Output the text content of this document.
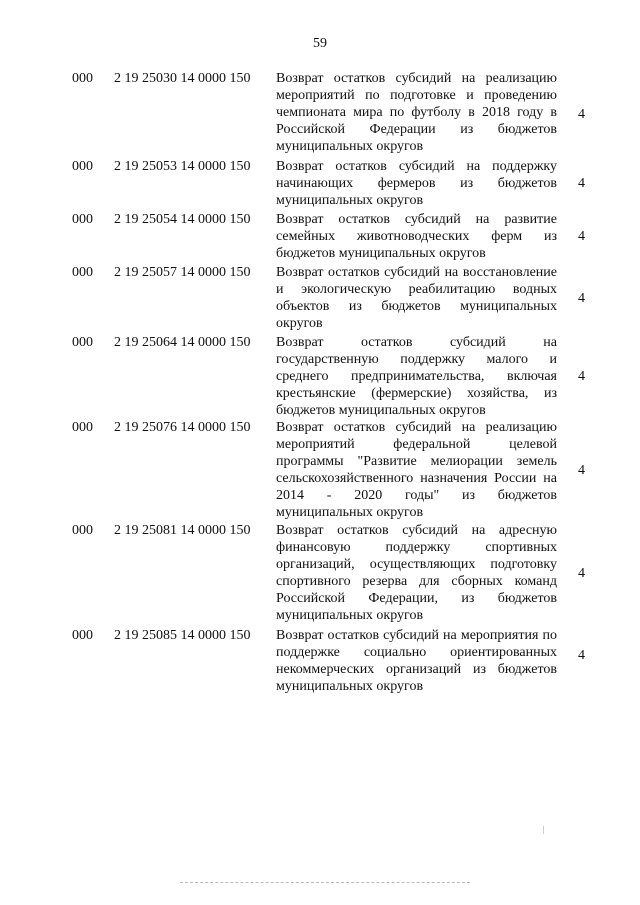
59
000 2 19 25030 14 0000 150 Возврат остатков субсидий на реализацию мероприятий по подготовке и проведению чемпионата мира по футболу в 2018 году в Российской Федерации из бюджетов муниципальных округов
4
000 2 19 25053 14 0000 150 Возврат остатков субсидий на поддержку начинающих фермеров из бюджетов муниципальных округов
4
000 2 19 25054 14 0000 150 Возврат остатков субсидий на развитие семейных животноводческих ферм из бюджетов муниципальных округов
4
000 2 19 25057 14 0000 150 Возврат остатков субсидий на восстановление и экологическую реабилитацию водных объектов из бюджетов муниципальных округов
4
000 2 19 25064 14 0000 150 Возврат остатков субсидий на государственную поддержку малого и среднего предпринимательства, включая крестьянские (фермерские) хозяйства, из бюджетов муниципальных округов
4
000 2 19 25076 14 0000 150 Возврат остатков субсидий на реализацию мероприятий федеральной целевой программы "Развитие мелиорации земель сельскохозяйственного назначения России на 2014 - 2020 годы" из бюджетов муниципальных округов
4
000 2 19 25081 14 0000 150 Возврат остатков субсидий на адресную финансовую поддержку спортивных организаций, осуществляющих подготовку спортивного резерва для сборных команд Российской Федерации, из бюджетов муниципальных округов
4
000 2 19 25085 14 0000 150 Возврат остатков субсидий на мероприятия по поддержке социально ориентированных некоммерческих организаций из бюджетов муниципальных округов
4
